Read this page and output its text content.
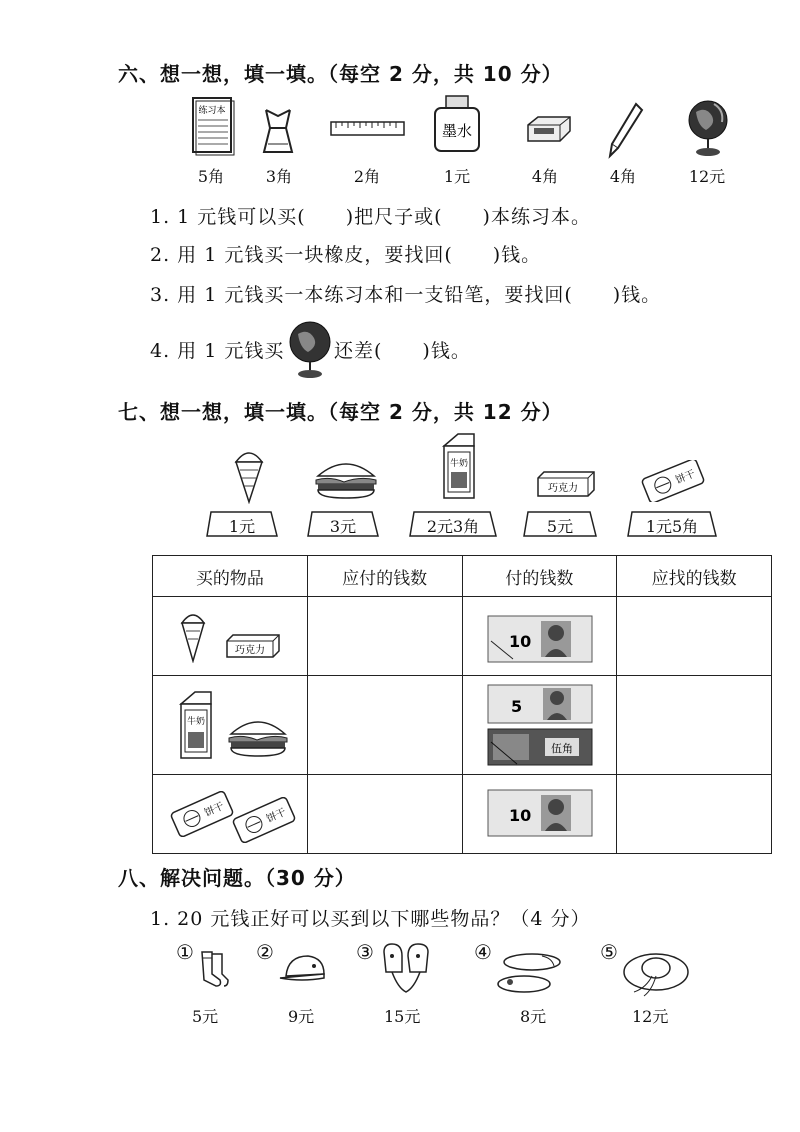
六、想一想，填一填。（每空 2 分，共 10 分）
练习本
墨水
5角	3角	2角	1元	4角	4角	12元
1. 1 元钱可以买(　　)把尺子或(　　)本练习本。
2. 用 1 元钱买一块橡皮，要找回(　　)钱。
3. 用 1 元钱买一本练习本和一支铅笔，要找回(　　)钱。
4. 用 1 元钱买	还差(　　)钱。
七、想一想，填一填。（每空 2 分，共 12 分）
牛奶
巧克力
饼干
1元	3元	2元3角	5元	1元5角
买的物品	应付的钱数	付的钱数	应找的钱数

巧克力		10	

牛奶		5
伍角	

饼干 饼干		10	

八、解决问题。（30 分）
1. 20 元钱正好可以买到以下哪些物品？（4 分）
①
5元
②
9元
③
15元
④
8元
⑤
12元
